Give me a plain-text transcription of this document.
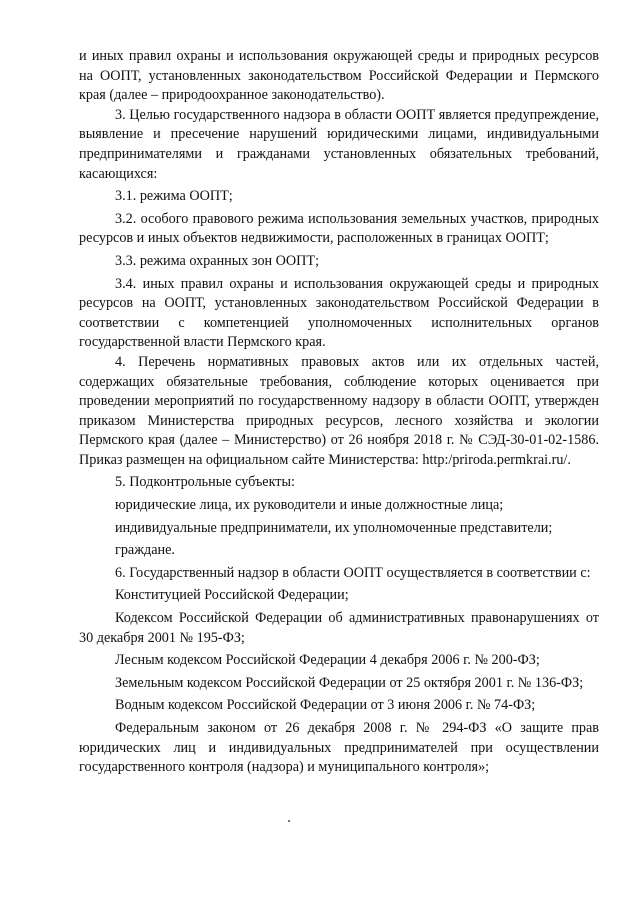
и иных правил охраны и использования окружающей среды и природных ресурсов на ООПТ, установленных законодательством Российской Федерации и Пермского края (далее – природоохранное законодательство).

3. Целью государственного надзора в области ООПТ является предупреждение, выявление и пресечение нарушений юридическими лицами, индивидуальными предпринимателями и гражданами установленных обязательных требований, касающихся:

3.1. режима ООПТ;

3.2. особого правового режима использования земельных участков, природных ресурсов и иных объектов недвижимости, расположенных в границах ООПТ;

3.3. режима охранных зон ООПТ;

3.4. иных правил охраны и использования окружающей среды и природных ресурсов на ООПТ, установленных законодательством Российской Федерации в соответствии с компетенцией уполномоченных исполнительных органов государственной власти Пермского края.

4. Перечень нормативных правовых актов или их отдельных частей, содержащих обязательные требования, соблюдение которых оценивается при проведении мероприятий по государственному надзору в области ООПТ, утвержден приказом Министерства природных ресурсов, лесного хозяйства и экологии Пермского края (далее – Министерство) от 26 ноября 2018 г. № СЭД-30-01-02-1586. Приказ размещен на официальном сайте Министерства: http:/priroda.permkrai.ru/.

5. Подконтрольные субъекты:

юридические лица, их руководители и иные должностные лица;

индивидуальные предприниматели, их уполномоченные представители;

граждане.

6. Государственный надзор в области ООПТ осуществляется в соответствии с:

Конституцией Российской Федерации;

Кодексом Российской Федерации об административных правонарушениях от 30 декабря 2001 № 195-ФЗ;

Лесным кодексом Российской Федерации 4 декабря 2006 г. № 200-ФЗ;

Земельным кодексом Российской Федерации от 25 октября 2001 г. № 136-ФЗ;

Водным кодексом Российской Федерации от 3 июня 2006 г. № 74-ФЗ;

Федеральным законом от 26 декабря 2008 г. № 294-ФЗ «О защите прав юридических лиц и индивидуальных предпринимателей при осуществлении государственного контроля (надзора) и муниципального контроля»;
